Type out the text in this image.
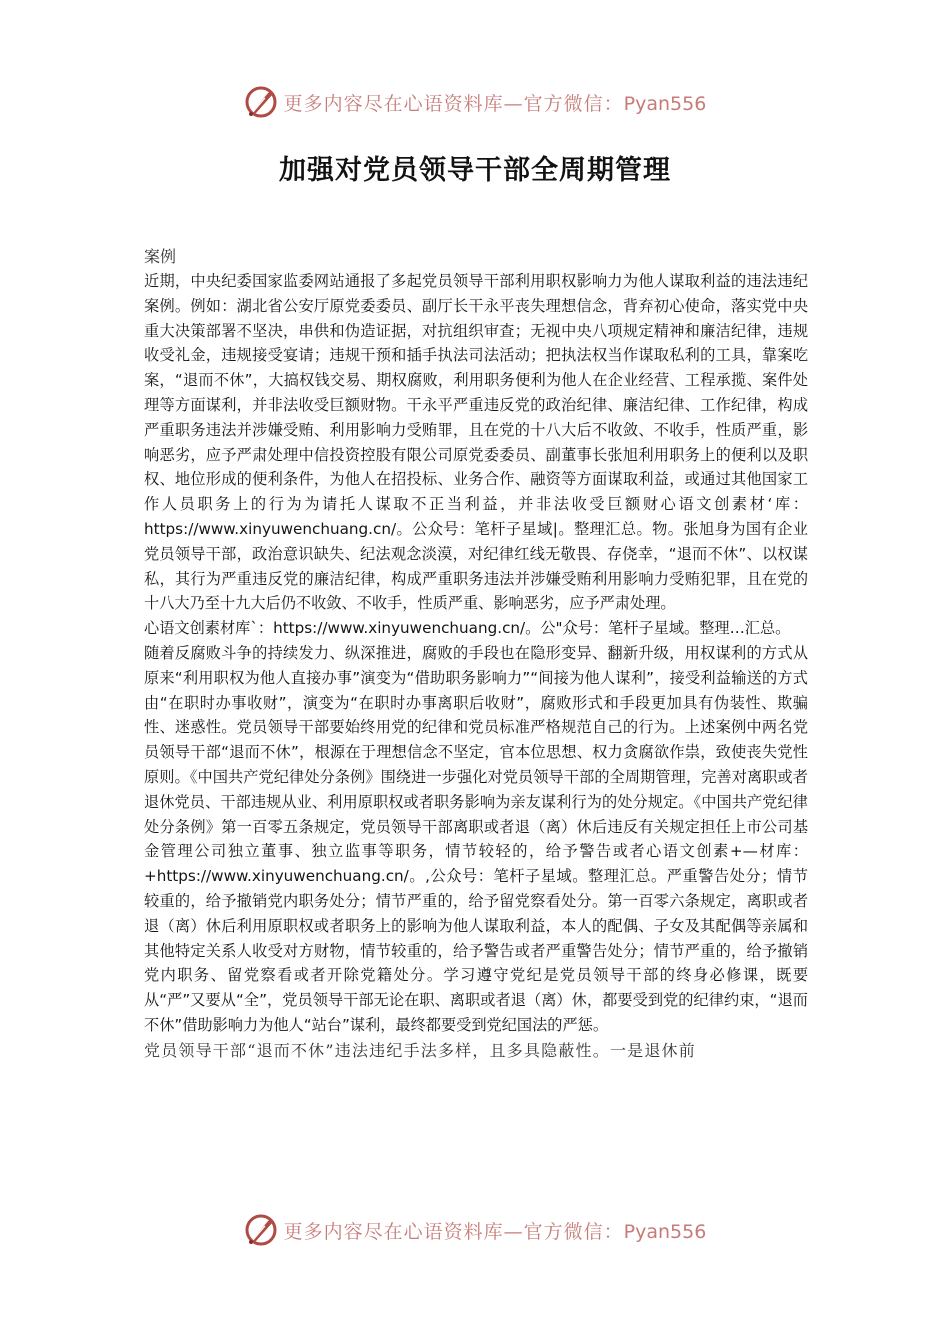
更多内容尽在心语资料库—官方微信：Pyan556
加强对党员领导干部全周期管理

案例

近期，中央纪委国家监委网站通报了多起党员领导干部利用职权影响力为他人谋取利益的违法违纪案例。例如：湖北省公安厅原党委委员、副厅长干永平丧失理想信念，背弃初心使命，落实党中央重大决策部署不坚决，串供和伪造证据，对抗组织审查；无视中央八项规定精神和廉洁纪律，违规收受礼金，违规接受宴请；违规干预和插手执法司法活动；把执法权当作谋取私利的工具，靠案吃案，“退而不休”，大搞权钱交易、期权腐败，利用职务便利为他人在企业经营、工程承揽、案件处理等方面谋利，并非法收受巨额财物。干永平严重违反党的政治纪律、廉洁纪律、工作纪律，构成严重职务违法并涉嫌受贿、利用影响力受贿罪，且在党的十八大后不收敛、不收手，性质严重，影响恶劣，应予严肃处理中信投资控股有限公司原党委委员、副董事长张旭利用职务上的便利以及职权、地位形成的便利条件，为他人在招投标、业务合作、融资等方面谋取利益，或通过其他国家工作人员职务上的行为为请托人谋取不正当利益，并非法收受巨额财心语文创素材‘库：https://www.xinyuwenchuang.cn/。公众号：笔杆子星域|。整理汇总。物。张旭身为国有企业党员领导干部，政治意识缺失、纪法观念淡漠，对纪律红线无敬畏、存侥幸，“退而不休”、以权谋私，其行为严重违反党的廉洁纪律，构成严重职务违法并涉嫌受贿利用影响力受贿犯罪，且在党的十八大乃至十九大后仍不收敛、不收手，性质严重、影响恶劣，应予严肃处理。

心语文创素材库`：https://www.xinyuwenchuang.cn/。公"众号：笔杆子星域。整理…汇总。

随着反腐败斗争的持续发力、纵深推进，腐败的手段也在隐形变异、翻新升级，用权谋利的方式从原来“利用职权为他人直接办事”演变为“借助职务影响力”“间接为他人谋利”，接受利益输送的方式由“在职时办事收财”，演变为“在职时办事离职后收财”，腐败形式和手段更加具有伪装性、欺骗性、迷惑性。党员领导干部要始终用党的纪律和党员标准严格规范自己的行为。上述案例中两名党员领导干部“退而不休”，根源在于理想信念不坚定，官本位思想、权力贪腐欲作祟，致使丧失党性原则。《中国共产党纪律处分条例》围绕进一步强化对党员领导干部的全周期管理，完善对离职或者退休党员、干部违规从业、利用原职权或者职务影响为亲友谋利行为的处分规定。《中国共产党纪律处分条例》第一百零五条规定，党员领导干部离职或者退（离）休后违反有关规定担任上市公司基金管理公司独立董事、独立监事等职务，情节较轻的，给予警告或者心语文创素+—材库：+https://www.xinyuwenchuang.cn/。,公众号：笔杆子星域。整理汇总。严重警告处分；情节较重的，给予撤销党内职务处分；情节严重的，给予留党察看处分。第一百零六条规定，离职或者退（离）休后利用原职权或者职务上的影响为他人谋取利益，本人的配偶、子女及其配偶等亲属和其他特定关系人收受对方财物，情节较重的，给予警告或者严重警告处分；情节严重的，给予撤销党内职务、留党察看或者开除党籍处分。学习遵守党纪是党员领导干部的终身必修课，既要从“严”又要从“全”，党员领导干部无论在职、离职或者退（离）休，都要受到党的纪律约束，“退而不休”借助影响力为他人“站台”谋利，最终都要受到党纪国法的严惩。

党员领导干部“退而不休”违法违纪手法多样，且多具隐蔽性。一是退休前

更多内容尽在心语资料库—官方微信：Pyan556
